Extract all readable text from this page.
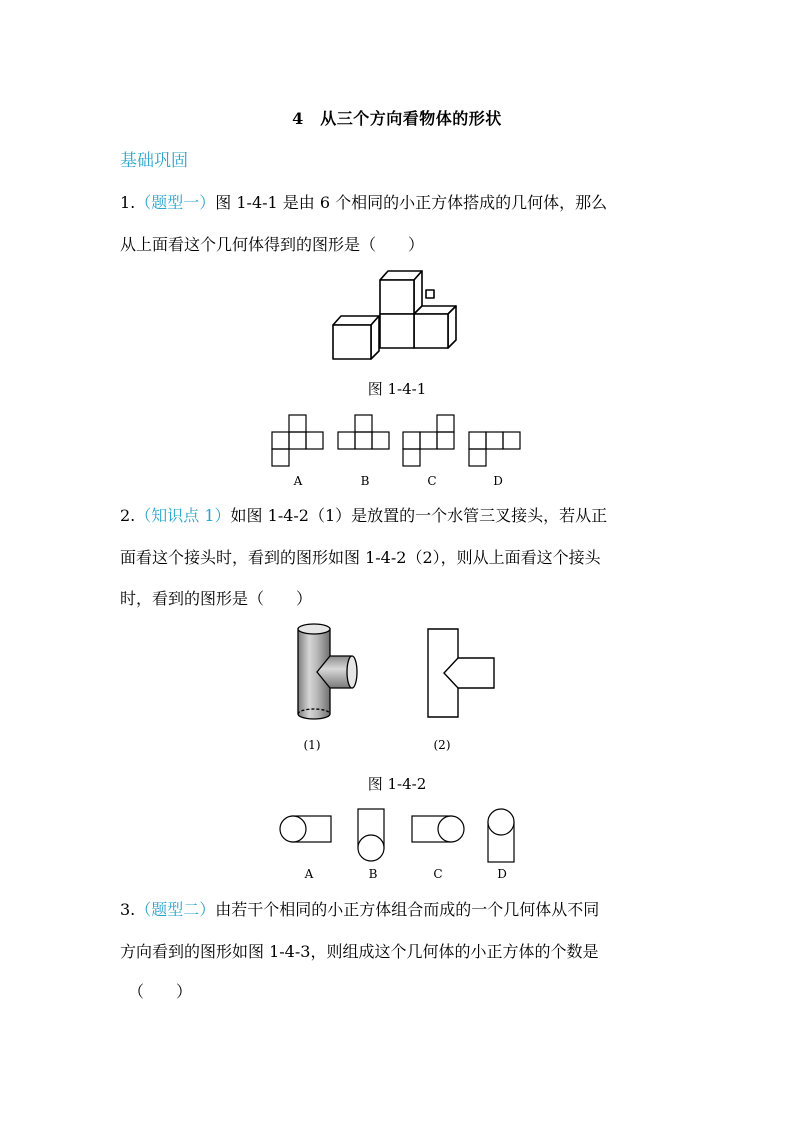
4　从三个方向看物体的形状
基础巩固
1.（题型一）图 1-4-1 是由 6 个相同的小正方体搭成的几何体，那么
从上面看这个几何体得到的图形是（　　）
图 1-4-1
A	B	C	D
2.（知识点 1）如图 1-4-2（1）是放置的一个水管三叉接头，若从正
面看这个接头时，看到的图形如图 1-4-2（2），则从上面看这个接头
时，看到的图形是（　　）
(1)	(2)
图 1-4-2
A	B	C	D
3.（题型二）由若干个相同的小正方体组合而成的一个几何体从不同
方向看到的图形如图 1-4-3，则组成这个几何体的小正方体的个数是
（　　）
